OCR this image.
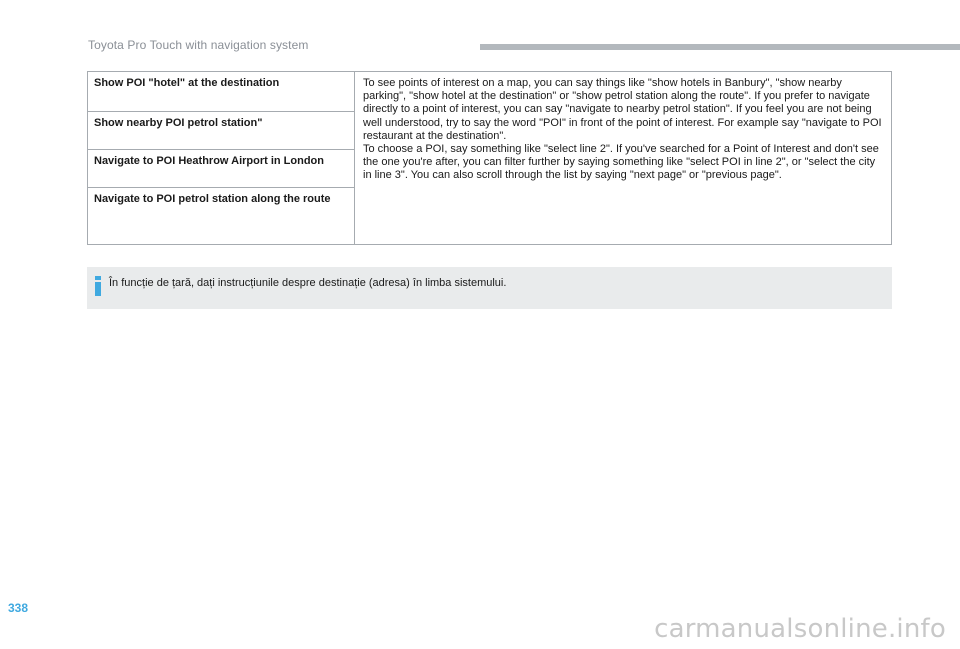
Toyota Pro Touch with navigation system
Show POI "hotel" at the destination
Show nearby POI petrol station"
Navigate to POI Heathrow Airport in London
Navigate to POI petrol station along the route
To see points of interest on a map, you can say things like "show hotels in Banbury", "show nearby parking", "show hotel at the destination" or "show petrol station along the route". If you prefer to navigate directly to a point of interest, you can say "navigate to nearby petrol station". If you feel you are not being well understood, try to say the word "POI" in front of the point of interest. For example say "navigate to POI restaurant at the destination".
To choose a POI, say something like "select line 2". If you've searched for a Point of Interest and don't see the one you're after, you can filter further by saying something like "select POI in line 2", or "select the city in line 3". You can also scroll through the list by saying "next page" or "previous page".
În funcție de țară, dați instrucțiunile despre destinație (adresa) în limba sistemului.
338
carmanualsonline.info
